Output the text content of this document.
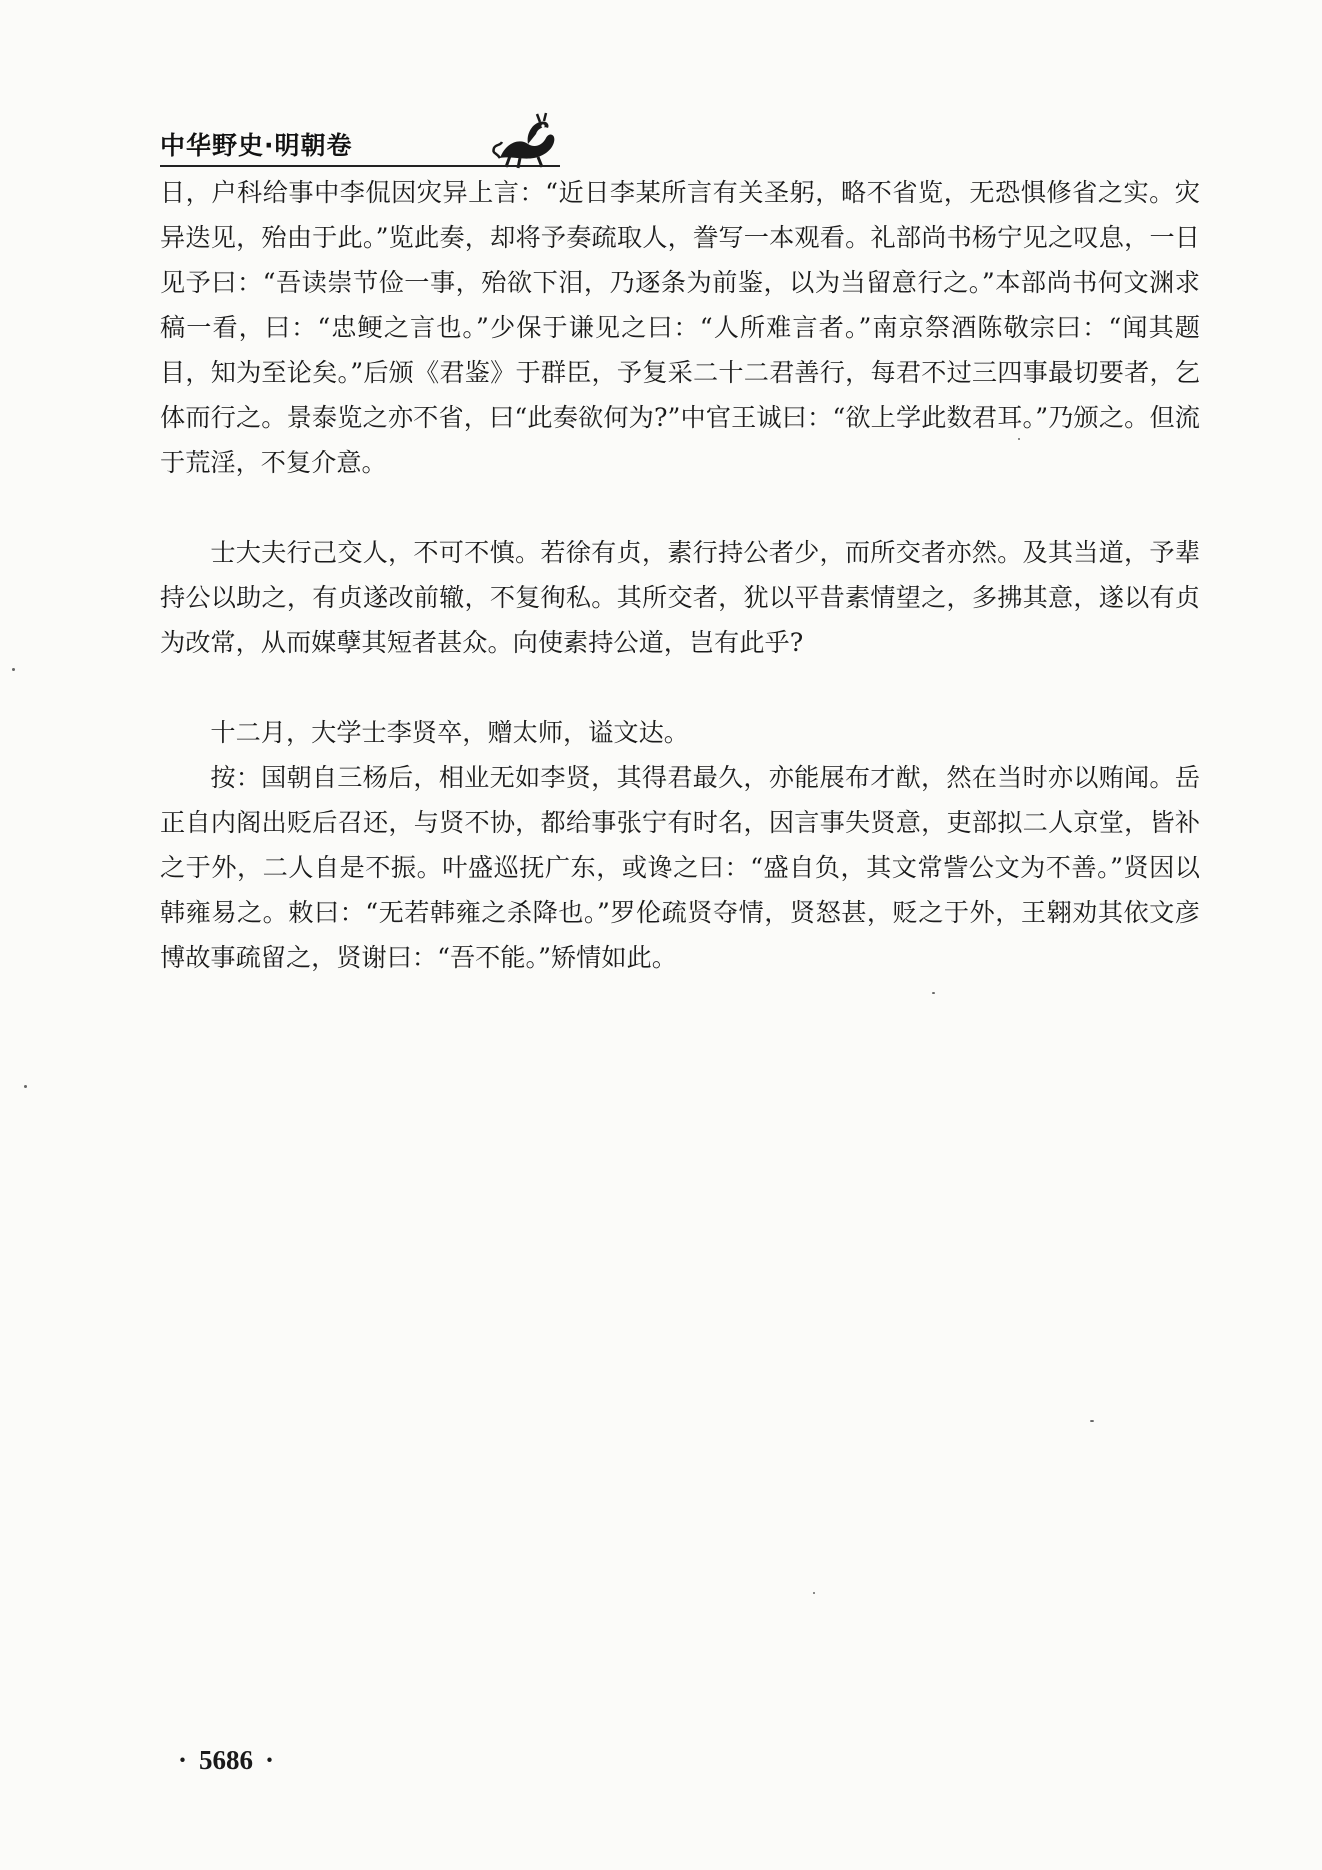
中华野史·明朝卷

日，户科给事中李侃因灾异上言：“近日李某所言有关圣躬，略不省览，无恐惧修省之实。灾异迭见，殆由于此。”览此奏，却将予奏疏取人，誊写一本观看。礼部尚书杨宁见之叹息，一日见予曰：“吾读崇节俭一事，殆欲下泪，乃逐条为前鉴，以为当留意行之。”本部尚书何文渊求稿一看，曰：“忠鲠之言也。”少保于谦见之曰：“人所难言者。”南京祭酒陈敬宗曰：“闻其题目，知为至论矣。”后颁《君鉴》于群臣，予复采二十二君善行，每君不过三四事最切要者，乞体而行之。景泰览之亦不省，曰“此奏欲何为?”中官王诚曰：“欲上学此数君耳。”乃颁之。但流于荒淫，不复介意。

士大夫行己交人，不可不慎。若徐有贞，素行持公者少，而所交者亦然。及其当道，予辈持公以助之，有贞遂改前辙，不复徇私。其所交者，犹以平昔素情望之，多拂其意，遂以有贞为改常，从而媒孽其短者甚众。向使素持公道，岂有此乎?

十二月，大学士李贤卒，赠太师，谥文达。

按：国朝自三杨后，相业无如李贤，其得君最久，亦能展布才猷，然在当时亦以贿闻。岳正自内阁出贬后召还，与贤不协，都给事张宁有时名，因言事失贤意，吏部拟二人京堂，皆补之于外，二人自是不振。叶盛巡抚广东，或谗之曰：“盛自负，其文常訾公文为不善。”贤因以韩雍易之。敕曰：“无若韩雍之杀降也。”罗伦疏贤夺情，贤怒甚，贬之于外，王翱劝其依文彦博故事疏留之，贤谢曰：“吾不能。”矫情如此。

· 5686 ·
